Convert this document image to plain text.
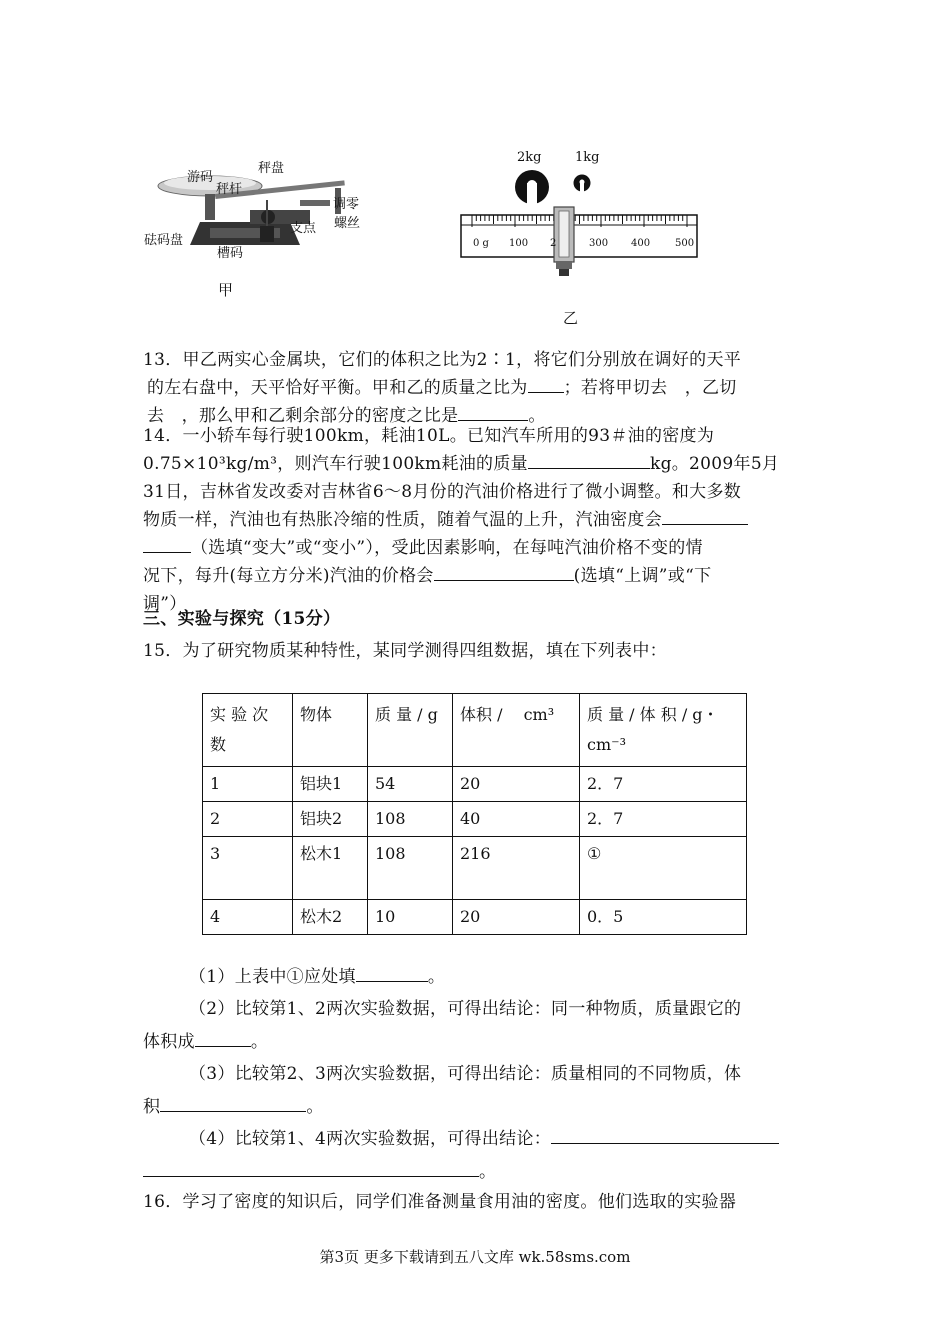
游码
秤盘
秤杆
调零
螺丝
支点
砝码盘
槽码
甲
2kg	1kg
0 g 100 2	300 400 500
乙
13．甲乙两实心金属块，它们的体积之比为2∶1，将它们分别放在调好的天平
的左右盘中，天平恰好平衡。甲和乙的质量之比为 ；若将甲切去　，乙切
去　，那么甲和乙剩余部分的密度之比是	。
14．一小轿车每行驶100km，耗油10L。已知汽车所用的93＃油的密度为
0.75×10³kg/m³，则汽车行驶100km耗油的质量	kg。2009年5月
31日，吉林省发改委对吉林省6～8月份的汽油价格进行了微小调整。和大多数
物质一样，汽油也有热胀冷缩的性质，随着气温的上升，汽油密度会
（选填“变大”或“变小”），受此因素影响，在每吨汽油价格不变的情
况下，每升(每立方分米)汽油的价格会	(选填“上调”或“下
调”）
三、实验与探究（15分）
15．为了研究物质某种特性，某同学测得四组数据，填在下列表中：
实 验 次 数	物体	质 量 / g	体积 /　 cm³	质 量 / 体 积 / g・cm⁻³
1	铝块1	54	20	2．7
2	铝块2	108	40	2．7
3	松木1	108	216	①
4	松木2	10	20	0．5
（1）上表中①应处填	。
（2）比较第1、2两次实验数据，可得出结论：同一种物质，质量跟它的
体积成	。
（3）比较第2、3两次实验数据，可得出结论：质量相同的不同物质，体
积	。
（4）比较第1、4两次实验数据，可得出结论：
。
16．学习了密度的知识后，同学们准备测量食用油的密度。他们选取的实验器
第3页 更多下载请到五八文库 wk.58sms.com
